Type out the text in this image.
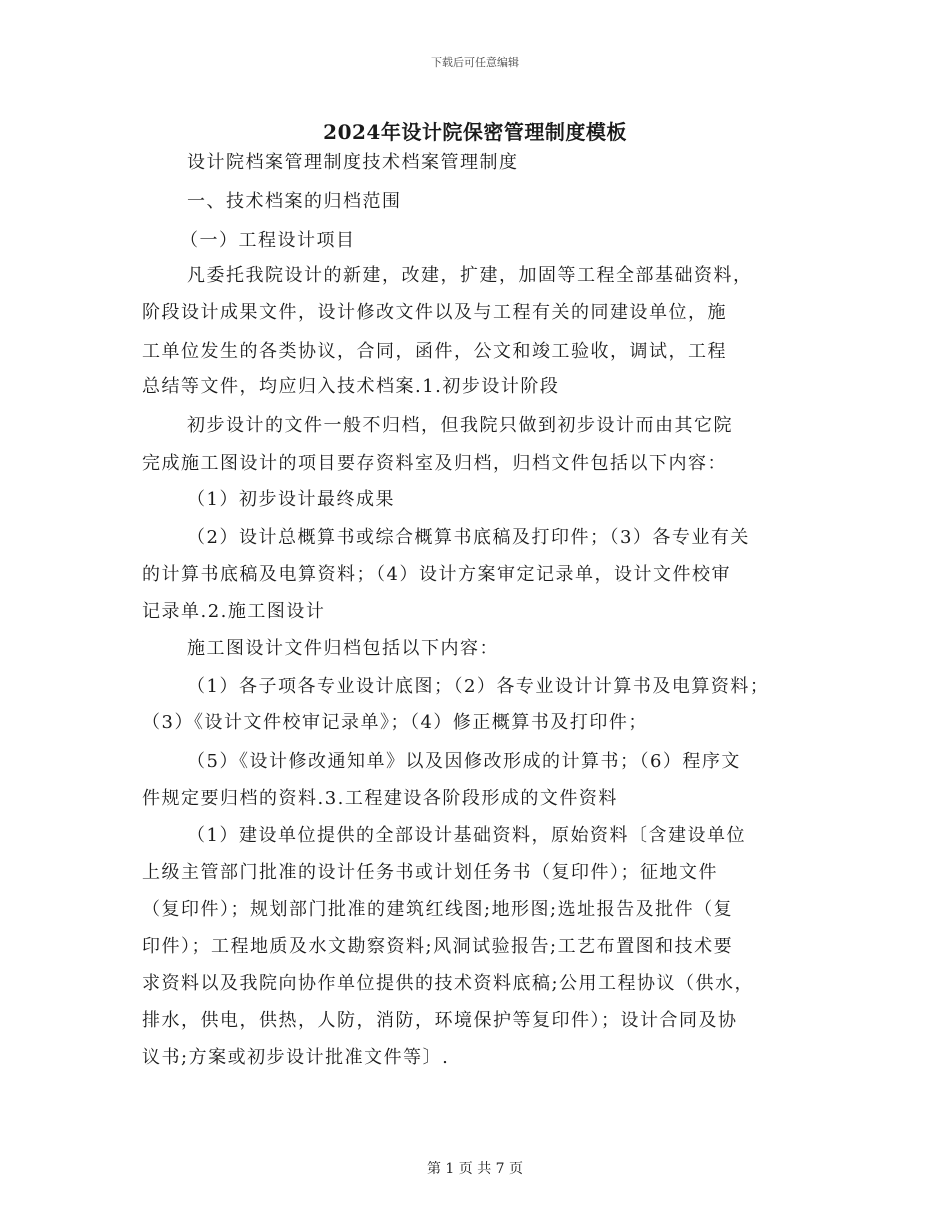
下载后可任意编辑
2024年设计院保密管理制度模板
设计院档案管理制度技术档案管理制度
一、技术档案的归档范围
（一）工程设计项目
凡委托我院设计的新建，改建，扩建，加固等工程全部基础资料，
阶段设计成果文件，设计修改文件以及与工程有关的同建设单位，施
工单位发生的各类协议，合同，函件，公文和竣工验收，调试，工程
总结等文件，均应归入技术档案.1.初步设计阶段
初步设计的文件一般不归档，但我院只做到初步设计而由其它院
完成施工图设计的项目要存资料室及归档，归档文件包括以下内容：
（1）初步设计最终成果
（2）设计总概算书或综合概算书底稿及打印件；（3）各专业有关
的计算书底稿及电算资料；（4）设计方案审定记录单，设计文件校审
记录单.2.施工图设计
施工图设计文件归档包括以下内容：
（1）各子项各专业设计底图；（2）各专业设计计算书及电算资料；
（3）《设计文件校审记录单》；（4）修正概算书及打印件；
（5）《设计修改通知单》以及因修改形成的计算书；（6）程序文
件规定要归档的资料.3.工程建设各阶段形成的文件资料
（1）建设单位提供的全部设计基础资料，原始资料〔含建设单位
上级主管部门批准的设计任务书或计划任务书（复印件）；征地文件
（复印件）；规划部门批准的建筑红线图;地形图;选址报告及批件（复
印件）；工程地质及水文勘察资料;风洞试验报告;工艺布置图和技术要
求资料以及我院向协作单位提供的技术资料底稿;公用工程协议（供水，
排水，供电，供热，人防，消防，环境保护等复印件）；设计合同及协
议书;方案或初步设计批准文件等〕.
第 1 页 共 7 页
